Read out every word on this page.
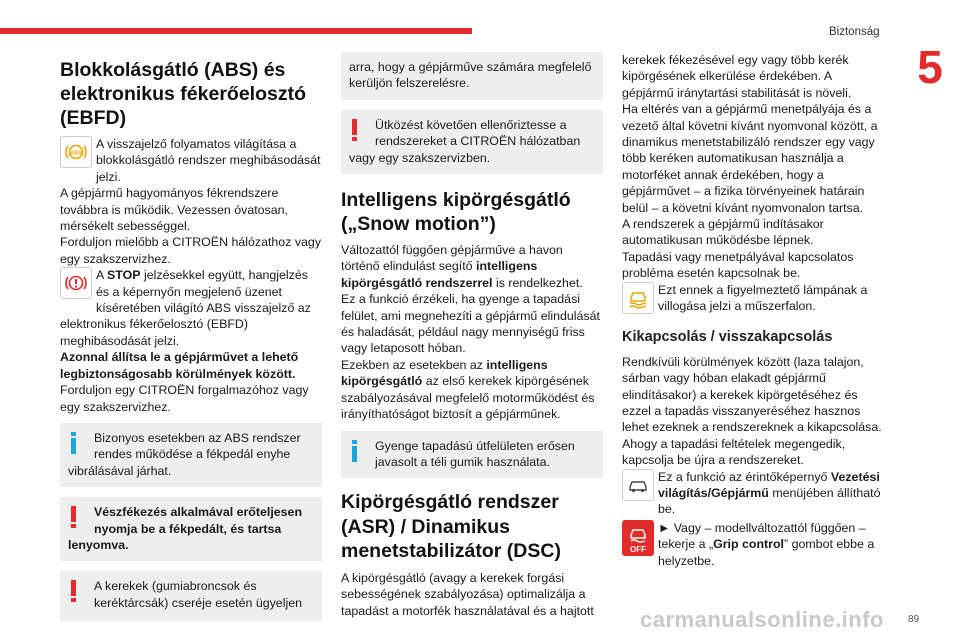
Biztonság
5
Blokkolásgátló (ABS) és elektronikus fékerőelosztó (EBFD)
ABS

A visszajelző folyamatos világítása a blokkolásgátló rendszer meghibásodását jelzi.

A gépjármű hagyományos fékrendszere továbbra is működik. Vezessen óvatosan, mérsékelt sebességgel.

Forduljon mielőbb a CITROËN hálózathoz vagy egy szakszervizhez.

A STOP jelzésekkel együtt, hangjelzés és a képernyőn megjelenő üzenet kíséretében világító ABS visszajelző az elektronikus fékerőelosztó (EBFD) meghibásodását jelzi.

Azonnal állítsa le a gépjárművet a lehető legbiztonságosabb körülmények között.

Forduljon egy CITROËN forgalmazóhoz vagy egy szakszervizhez.

Bizonyos esetekben az ABS rendszer rendes működése a fékpedál enyhe vibrálásával járhat.
Vészfékezés alkalmával erőteljesen nyomja be a fékpedált, és tartsa lenyomva.
A kerekek (gumiabroncsok és keréktárcsák) cseréje esetén ügyeljen
arra, hogy a gépjárműve számára megfelelő kerüljön felszerelésre.
Ütközést követően ellenőriztesse a rendszereket a CITROËN hálózatban vagy egy szakszervizben.
Intelligens kipörgésgátló („Snow motion”)

Változattól függően gépjárműve a havon történő elindulást segítő intelligens kipörgésgátló rendszerrel is rendelkezhet.

Ez a funkció érzékeli, ha gyenge a tapadási felület, ami megnehezíti a gépjármű elindulását és haladását, például nagy mennyiségű friss vagy letaposott hóban.

Ezekben az esetekben az intelligens kipörgésgátló az első kerekek kipörgésének szabályozásával megfelelő motorműködést és irányíthatóságot biztosít a gépjárműnek.

Gyenge tapadású útfelületen erősen javasolt a téli gumik használata.
Kipörgésgátló rendszer (ASR) / Dinamikus menetstabilizátor (DSC)

A kipörgésgátló (avagy a kerekek forgási sebességének szabályozása) optimalizálja a tapadást a motorfék használatával és a hajtott

kerekek fékezésével egy vagy több kerék kipörgésének elkerülése érdekében. A gépjármű iránytartási stabilitását is növeli.

Ha eltérés van a gépjármű menetpályája és a vezető által követni kívánt nyomvonal között, a dinamikus menetstabilizáló rendszer egy vagy több keréken automatikusan használja a motorféket annak érdekében, hogy a gépjárművet – a fizika törvényeinek határain belül – a követni kívánt nyomvonalon tartsa.

A rendszerek a gépjármű indításakor automatikusan működésbe lépnek.

Tapadási vagy menetpályával kapcsolatos probléma esetén kapcsolnak be.

Ezt ennek a figyelmeztető lámpának a villogása jelzi a műszerfalon.

Kikapcsolás / visszakapcsolás

Rendkívüli körülmények között (laza talajon, sárban vagy hóban elakadt gépjármű elindításakor) a kerekek kipörgetéséhez és ezzel a tapadás visszanyeréséhez hasznos lehet ezeknek a rendszereknek a kikapcsolása.

Ahogy a tapadási feltételek megengedik, kapcsolja be újra a rendszereket.

Ez a funkció az érintőképernyő Vezetési világítás/Gépjármű menüjében állítható be.

OFF

► Vagy – modellváltozattól függően – tekerje a „Grip control” gombot ebbe a helyzetbe.

carmanualsonline.info 89
